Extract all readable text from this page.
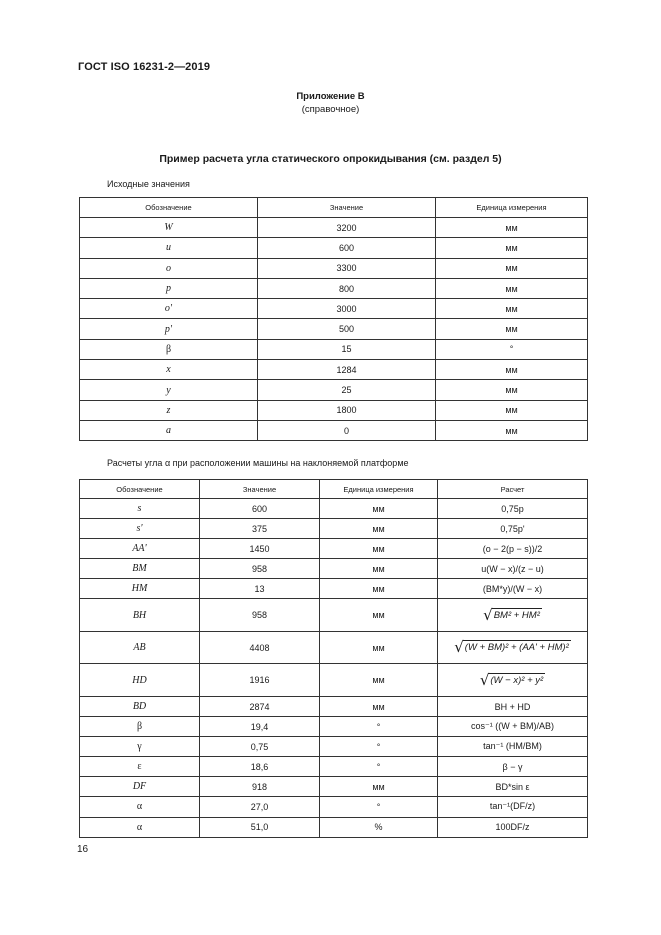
ГОСТ ISO 16231-2—2019
Приложение В
(справочное)
Пример расчета угла статического опрокидывания (см. раздел 5)
Исходные значения
Обозначение	Значение	Единица измерения
W	3200	мм
u	600	мм
o	3300	мм
p	800	мм
o'	3000	мм
p'	500	мм
β	15	°
x	1284	мм
y	25	мм
z	1800	мм
a	0	мм
Расчеты угла α при расположении машины на наклоняемой платформе
Обозначение	Значение	Единица измерения	Расчет
s	600	мм	0,75p
s'	375	мм	0,75p'
AA'	1450	мм	(o − 2(p − s))/2
BM	958	мм	u(W − x)/(z − u)
HM	13	мм	(BM*y)/(W − x)
BH	958	мм	√ BM² + HM²

AB	4408	мм	√ (W + BM)² + (AA' + HM)²

HD	1916	мм	√ (W − x)² + y²

BD	2874	мм	BH + HD
β	19,4	°	cos⁻¹ ((W + BM)/AB)
γ	0,75	°	tan⁻¹ (HM/BM)
ε	18,6	°	β − γ
DF	918	мм	BD*sin ε
α	27,0	°	tan⁻¹(DF/z)
α	51,0	%	100DF/z
16
